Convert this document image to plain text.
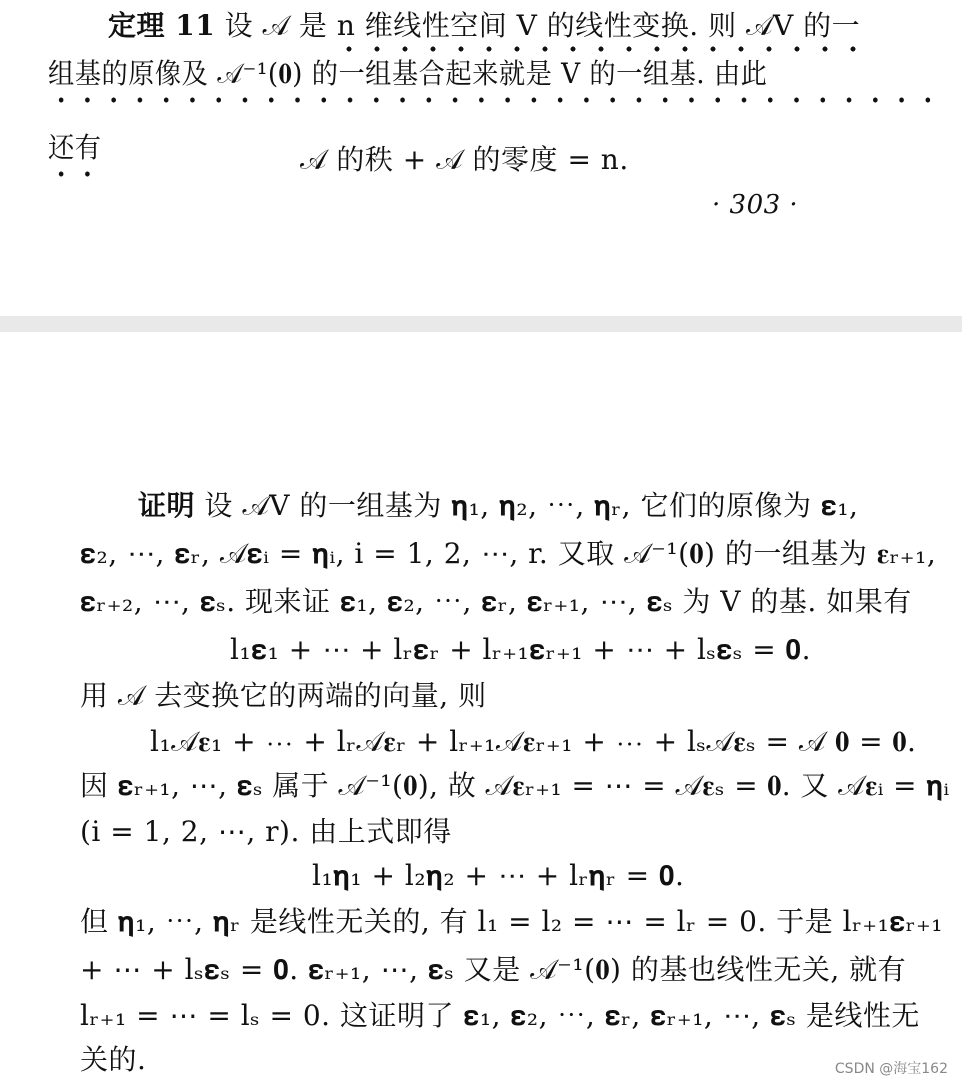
定理 11 设 𝒜 是 n 维线性空间 V 的线性变换. 则 𝒜V 的一
组基的原像及 𝒜⁻¹(𝟎) 的一组基合起来就是 V 的一组基. 由此
还有	𝒜 的秩 + 𝒜 的零度 = n.
· 303 ·
证明 设 𝒜V 的一组基为 𝛈₁, 𝛈₂, ⋯, 𝛈ᵣ, 它们的原像为 𝛆₁,
𝛆₂, ⋯, 𝛆ᵣ, 𝒜𝛆ᵢ = 𝛈ᵢ, i = 1, 2, ⋯, r. 又取 𝒜⁻¹(𝟎) 的一组基为 𝛆ᵣ₊₁,
𝛆ᵣ₊₂, ⋯, 𝛆ₛ. 现来证 𝛆₁, 𝛆₂, ⋯, 𝛆ᵣ, 𝛆ᵣ₊₁, ⋯, 𝛆ₛ 为 V 的基. 如果有
l₁𝛆₁ + ⋯ + lᵣ𝛆ᵣ + lᵣ₊₁𝛆ᵣ₊₁ + ⋯ + lₛ𝛆ₛ = 𝟎.
用 𝒜 去变换它的两端的向量, 则
l₁𝒜𝛆₁ + ⋯ + lᵣ𝒜𝛆ᵣ + lᵣ₊₁𝒜𝛆ᵣ₊₁ + ⋯ + lₛ𝒜𝛆ₛ = 𝒜 𝟎 = 𝟎.
因 𝛆ᵣ₊₁, ⋯, 𝛆ₛ 属于 𝒜⁻¹(𝟎), 故 𝒜𝛆ᵣ₊₁ = ⋯ = 𝒜𝛆ₛ = 𝟎. 又 𝒜𝛆ᵢ = 𝛈ᵢ
(i = 1, 2, ⋯, r). 由上式即得
l₁𝛈₁ + l₂𝛈₂ + ⋯ + lᵣ𝛈ᵣ = 𝟎.
但 𝛈₁, ⋯, 𝛈ᵣ 是线性无关的, 有 l₁ = l₂ = ⋯ = lᵣ = 0. 于是 lᵣ₊₁𝛆ᵣ₊₁
+ ⋯ + lₛ𝛆ₛ = 𝟎. 𝛆ᵣ₊₁, ⋯, 𝛆ₛ 又是 𝒜⁻¹(𝟎) 的基也线性无关, 就有
lᵣ₊₁ = ⋯ = lₛ = 0. 这证明了 𝛆₁, 𝛆₂, ⋯, 𝛆ᵣ, 𝛆ᵣ₊₁, ⋯, 𝛆ₛ 是线性无
关的.	CSDN @海宝162
